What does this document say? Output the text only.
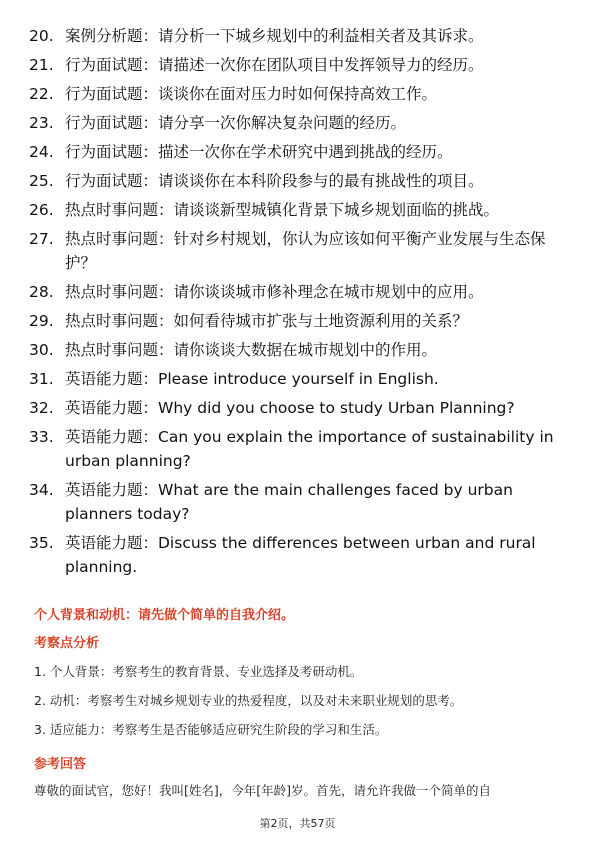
20. 案例分析题：请分析一下城乡规划中的利益相关者及其诉求。
21. 行为面试题：请描述一次你在团队项目中发挥领导力的经历。
22. 行为面试题：谈谈你在面对压力时如何保持高效工作。
23. 行为面试题：请分享一次你解决复杂问题的经历。
24. 行为面试题：描述一次你在学术研究中遇到挑战的经历。
25. 行为面试题：请谈谈你在本科阶段参与的最有挑战性的项目。
26. 热点时事问题：请谈谈新型城镇化背景下城乡规划面临的挑战。
27. 热点时事问题：针对乡村规划，你认为应该如何平衡产业发展与生态保护？
28. 热点时事问题：请你谈谈城市修补理念在城市规划中的应用。
29. 热点时事问题：如何看待城市扩张与土地资源利用的关系？
30. 热点时事问题：请你谈谈大数据在城市规划中的作用。
31. 英语能力题：Please introduce yourself in English.
32. 英语能力题：Why did you choose to study Urban Planning?
33. 英语能力题：Can you explain the importance of sustainability in urban planning?
34. 英语能力题：What are the main challenges faced by urban planners today?
35. 英语能力题：Discuss the differences between urban and rural planning.
个人背景和动机：请先做个简单的自我介绍。
考察点分析
1. 个人背景：考察考生的教育背景、专业选择及考研动机。
2. 动机：考察考生对城乡规划专业的热爱程度，以及对未来职业规划的思考。
3. 适应能力：考察考生是否能够适应研究生阶段的学习和生活。
参考回答
尊敬的面试官，您好！我叫[姓名]，今年[年龄]岁。首先，请允许我做一个简单的自
第2页，共57页
